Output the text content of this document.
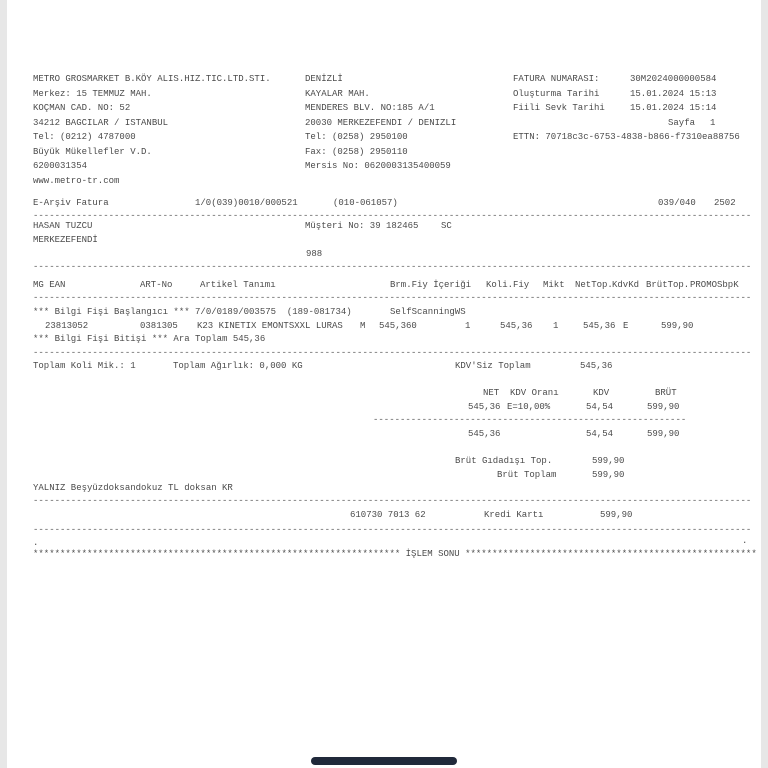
METRO GROSMARKET B.KÖY ALIS.HIZ.TIC.LTD.STI.
Merkez: 15 TEMMUZ MAH.
KOÇMAN CAD. NO: 52
34212 BAGCILAR / ISTANBUL
Tel: (0212) 4787000
Büyük Mükellefler V.D.
6200031354
www.metro-tr.com
DENİZLİ
KAYALAR MAH.
MENDERES BLV. NO:185 A/1
20030 MERKEZEFENDI / DENIZLI
Tel: (0258) 2950100
Fax: (0258) 2950110
Mersis No: 0620003135400059
FATURA NUMARASI:	30M2024000000584
Oluşturma Tarihi	15.01.2024 15:13
Fiili Sevk Tarihi	15.01.2024 15:14
Sayfa 1
ETTN: 70718c3c-6753-4838-b866-f7310ea88756
E-Arşiv Fatura	1/0(039)0010/000521	(010-061057)	039/040 2502
-------------------------------------------------------------------------------------------------------------------------------------
HASAN TUZCU	Müşteri No: 39 182465	SC
MERKEZEFENDİ
988
-------------------------------------------------------------------------------------------------------------------------------------
MG EAN	ART-No	Artikel Tanımı	Brm.Fiy İçeriği Koli.Fiy Mikt NetTop. KdvKd BrütTop. PROMO SbpK
-------------------------------------------------------------------------------------------------------------------------------------
*** Bilgi Fişi Başlangıcı *** 7/0/0189/003575  (189-081734)	SelfScanningWS
23813052	0381305 K23 KINETIX EMONTSXXL LURAS M 545,360	1	545,36 1	545,36 E	599,90
*** Bilgi Fişi Bitişi *** Ara Toplam 545,36
-------------------------------------------------------------------------------------------------------------------------------------
Toplam Koli Mik.: 1	Toplam Ağırlık: 0,000 KG	KDV'Siz Toplam	545,36
NET KDV Oranı	KDV	BRÜT
545,36 E=10,00%	54,54	599,90
----------------------------------------------------------
545,36	54,54	599,90
Brüt Gıdadışı Top.	599,90
Brüt Toplam	599,90
YALNIZ Beşyüzdoksandokuz TL doksan KR
-------------------------------------------------------------------------------------------------------------------------------------
610730 7013 62	Kredi Kartı	599,90
-------------------------------------------------------------------------------------------------------------------------------------
.	.
******************************************************************** İŞLEM SONU ******************************************************
